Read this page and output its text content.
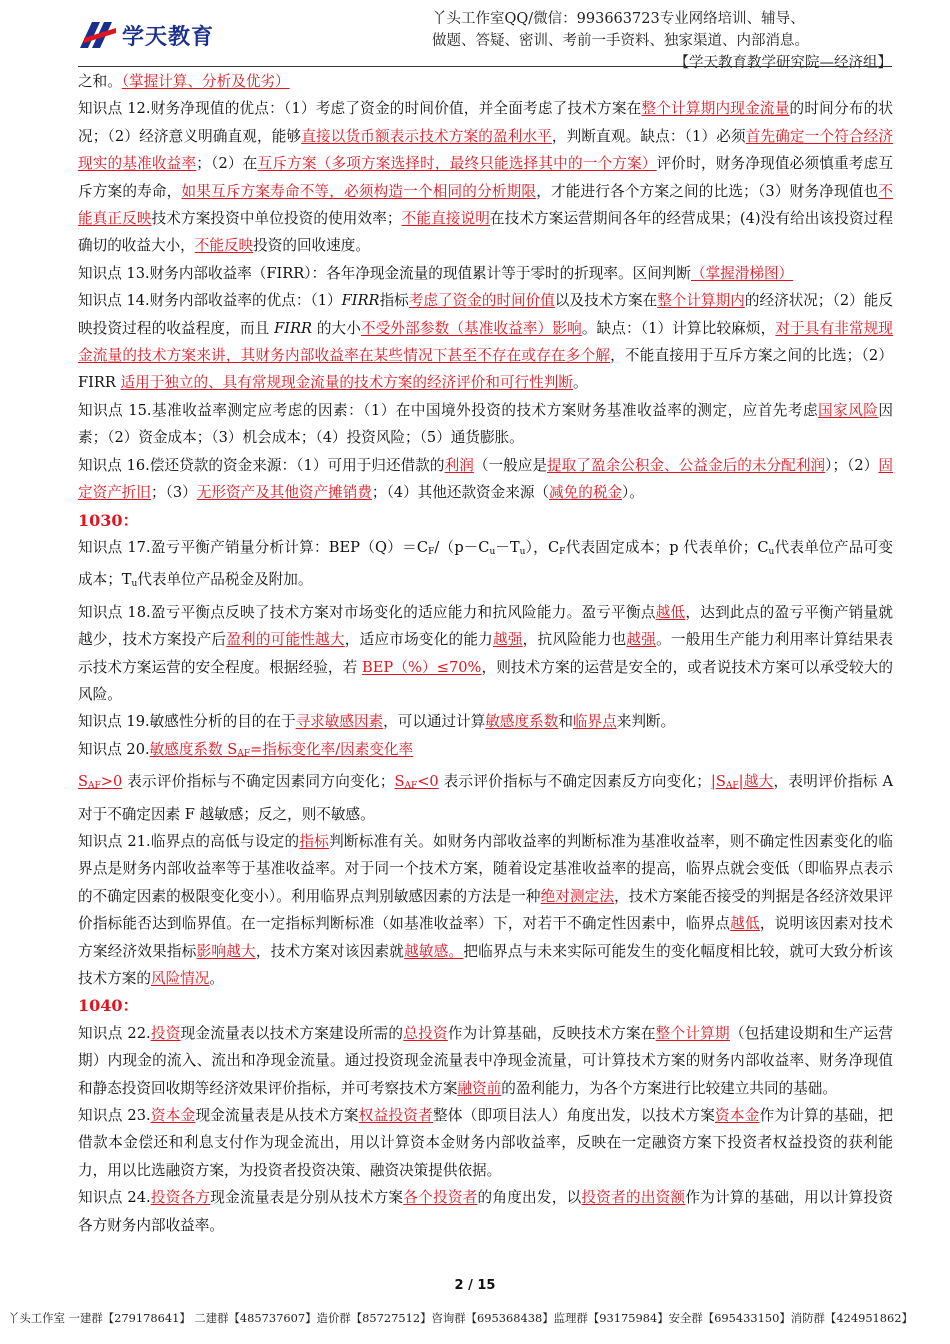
学天教育
丫头工作室QQ/微信：993663723专业网络培训、辅导、
做题、答疑、密训、考前一手资料、独家渠道、内部消息。
【学天教育教学研究院—经济组】

之和。（掌握计算、分析及优劣）

知识点 12.财务净现值的优点：（1）考虑了资金的时间价值，并全面考虑了技术方案在整个计算期内现金流量的时间分布的状况；（2）经济意义明确直观，能够直接以货币额表示技术方案的盈利水平，判断直观。缺点：（1）必须首先确定一个符合经济现实的基准收益率；（2）在互斥方案（多项方案选择时，最终只能选择其中的一个方案）评价时，财务净现值必须慎重考虑互斥方案的寿命，如果互斥方案寿命不等，必须构造一个相同的分析期限，才能进行各个方案之间的比选；（3）财务净现值也不能真正反映技术方案投资中单位投资的使用效率；不能直接说明在技术方案运营期间各年的经营成果；(4)没有给出该投资过程确切的收益大小，不能反映投资的回收速度。

知识点 13.财务内部收益率（FIRR）：各年净现金流量的现值累计等于零时的折现率。区间判断（掌握滑梯图）

知识点 14.财务内部收益率的优点：（1）FIRR指标考虑了资金的时间价值以及技术方案在整个计算期内的经济状况；（2）能反映投资过程的收益程度，而且 FIRR 的大小不受外部参数（基准收益率）影响。缺点：（1）计算比较麻烦，对于具有非常规现金流量的技术方案来讲，其财务内部收益率在某些情况下甚至不存在或存在多个解，不能直接用于互斥方案之间的比选；（2）FIRR 适用于独立的、具有常规现金流量的技术方案的经济评价和可行性判断。

知识点 15.基准收益率测定应考虑的因素：（1）在中国境外投资的技术方案财务基准收益率的测定，应首先考虑国家风险因素；（2）资金成本；（3）机会成本；（4）投资风险；（5）通货膨胀。

知识点 16.偿还贷款的资金来源：（1）可用于归还借款的利润（一般应是提取了盈余公积金、公益金后的未分配利润）；（2）固定资产折旧；（3）无形资产及其他资产摊销费；（4）其他还款资金来源（减免的税金）。

1030：

知识点 17.盈亏平衡产销量分析计算：$BEP(Q)=C_F/(p-C_u-T_u)$，$C_F$代表固定成本；p 代表单价；$C_u$代表单位产品可变成本；$T_u$代表单位产品税金及附加。

知识点 18.盈亏平衡点反映了技术方案对市场变化的适应能力和抗风险能力。盈亏平衡点越低，达到此点的盈亏平衡产销量就越少，技术方案投产后盈利的可能性越大，适应市场变化的能力越强，抗风险能力也越强。一般用生产能力利用率计算结果表示技术方案运营的安全程度。根据经验，若 BEP（%）≤70%，则技术方案的运营是安全的，或者说技术方案可以承受较大的风险。

知识点 19.敏感性分析的目的在于寻求敏感因素，可以通过计算敏感度系数和临界点来判断。

知识点 20.敏感度系数 $S_{AF}=$指标变化率/因素变化率

$S_{AF}>0$ 表示评价指标与不确定因素同方向变化；$S_{AF}<0$ 表示评价指标与不确定因素反方向变化；$|S_{AF}|$越大，表明评价指标 A 对于不确定因素 F 越敏感；反之，则不敏感。

知识点 21.临界点的高低与设定的指标判断标准有关。如财务内部收益率的判断标准为基准收益率，则不确定性因素变化的临界点是财务内部收益率等于基准收益率。对于同一个技术方案，随着设定基准收益率的提高，临界点就会变低（即临界点表示的不确定因素的极限变化变小）。利用临界点判别敏感因素的方法是一种绝对测定法，技术方案能否接受的判据是各经济效果评价指标能否达到临界值。在一定指标判断标准（如基准收益率）下，对若干不确定性因素中，临界点越低，说明该因素对技术方案经济效果指标影响越大，技术方案对该因素就越敏感。把临界点与未来实际可能发生的变化幅度相比较，就可大致分析该技术方案的风险情况。

1040：

知识点 22.投资现金流量表以技术方案建设所需的总投资作为计算基础，反映技术方案在整个计算期（包括建设期和生产运营期）内现金的流入、流出和净现金流量。通过投资现金流量表中净现金流量，可计算技术方案的财务内部收益率、财务净现值和静态投资回收期等经济效果评价指标，并可考察技术方案融资前的盈利能力，为各个方案进行比较建立共同的基础。

知识点 23.资本金现金流量表是从技术方案权益投资者整体（即项目法人）角度出发，以技术方案资本金作为计算的基础，把借款本金偿还和利息支付作为现金流出，用以计算资本金财务内部收益率，反映在一定融资方案下投资者权益投资的获利能力，用以比选融资方案，为投资者投资决策、融资决策提供依据。

知识点 24.投资各方现金流量表是分别从技术方案各个投资者的角度出发，以投资者的出资额作为计算的基础，用以计算投资各方财务内部收益率。

2 / 15
丫头工作室 一建群【279178641】 二建群【485737607】造价群【85727512】咨询群【695368438】监理群【93175984】安全群【695433150】消防群【424951862】
